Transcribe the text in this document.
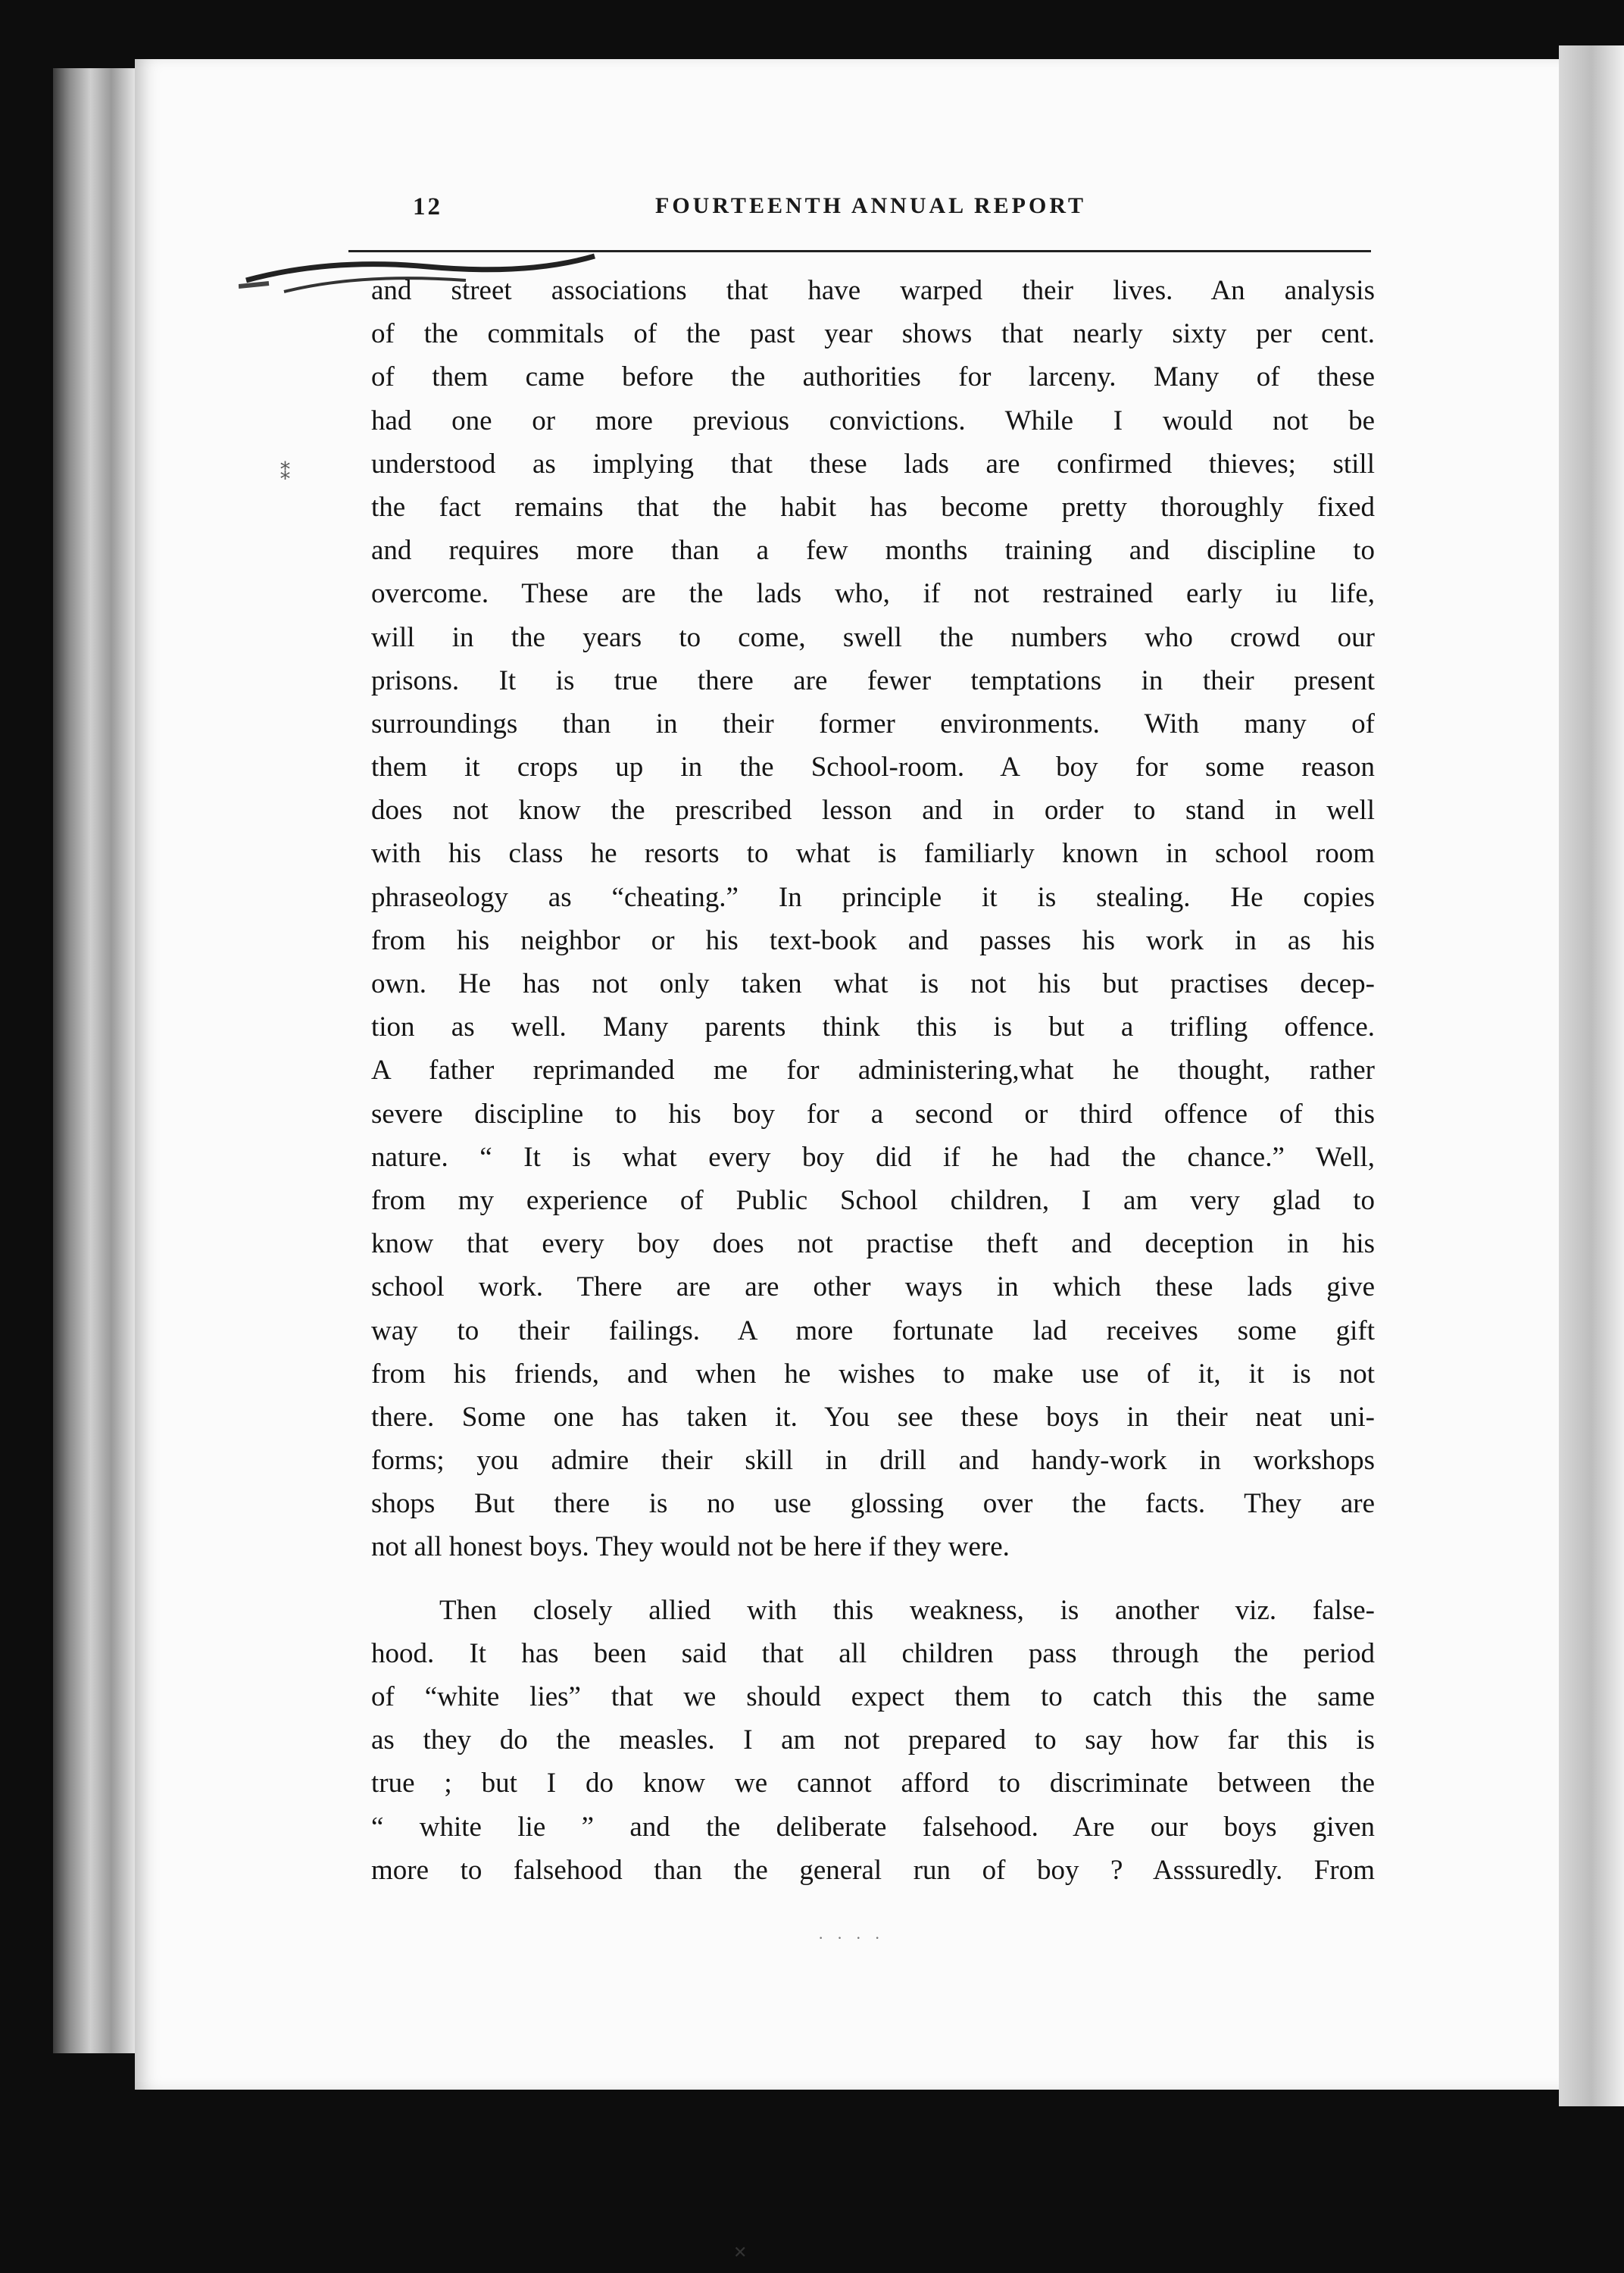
12	FOURTEENTH ANNUAL REPORT
⁑
and street associations that have warped their lives. An analysis
of the commitals of the past year shows that nearly sixty per cent.
of them came before the authorities for larceny. Many of these
had one or more previous convictions. While I would not be
understood as implying that these lads are confirmed thieves; still
the fact remains that the habit has become pretty thoroughly fixed
and requires more than a few months training and discipline to
overcome. These are the lads who, if not restrained early iu life,
will in the years to come, swell the numbers who crowd our
prisons. It is true there are fewer temptations in their present
surroundings than in their former environments. With many of
them it crops up in the School-room. A boy for some reason
does not know the prescribed lesson and in order to stand in well
with his class he resorts to what is familiarly known in school room
phraseology as “cheating.” In principle it is stealing. He copies
from his neighbor or his text-book and passes his work in as his
own. He has not only taken what is not his but practises decep-
tion as well. Many parents think this is but a trifling offence.
A father reprimanded me for administering,what he thought, rather
severe discipline to his boy for a second or third offence of this
nature. “ It is what every boy did if he had the chance.” Well,
from my experience of Public School children, I am very glad to
know that every boy does not practise theft and deception in his
school work. There are are other ways in which these lads give
way to their failings. A more fortunate lad receives some gift
from his friends, and when he wishes to make use of it, it is not
there. Some one has taken it. You see these boys in their neat uni-
forms; you admire their skill in drill and handy-work in workshops
shops But there is no use glossing over the facts. They are
not all honest boys. They would not be here if they were.
Then closely allied with this weakness, is another viz. false-
hood. It has been said that all children pass through the period
of “white lies” that we should expect them to catch this the same
as they do the measles. I am not prepared to say how far this is
true ; but I do know we cannot afford to discriminate between the
“ white lie ” and the deliberate falsehood. Are our boys given
more to falsehood than the general run of boy ? Asssuredly. From
· · · ·
✕
